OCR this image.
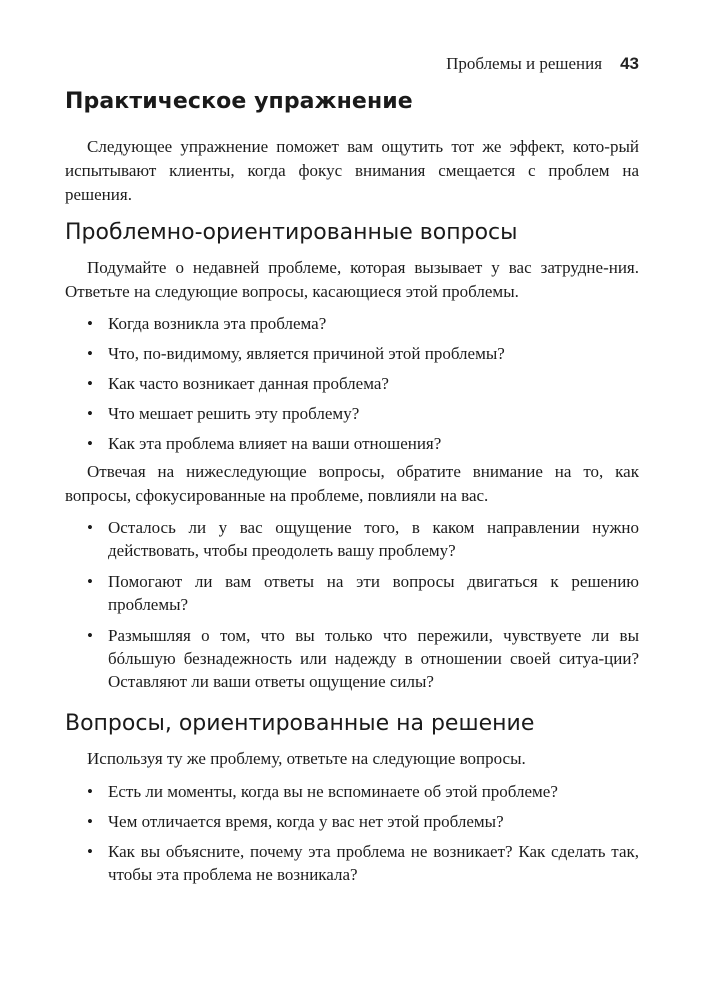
Проблемы и решения 43
Практическое упражнение

Следующее упражнение поможет вам ощутить тот же эффект, кото-рый испытывают клиенты, когда фокус внимания смещается с проблем на решения.

Проблемно-ориентированные вопросы

Подумайте о недавней проблеме, которая вызывает у вас затрудне-ния. Ответьте на следующие вопросы, касающиеся этой проблемы.

• Когда возникла эта проблема?
• Что, по-видимому, является причиной этой проблемы?
• Как часто возникает данная проблема?
• Что мешает решить эту проблему?
• Как эта проблема влияет на ваши отношения?

Отвечая на нижеследующие вопросы, обратите внимание на то, как вопросы, сфокусированные на проблеме, повлияли на вас.

• Осталось ли у вас ощущение того, в каком направлении нужно действовать, чтобы преодолеть вашу проблему?
• Помогают ли вам ответы на эти вопросы двигаться к решению проблемы?
• Размышляя о том, что вы только что пережили, чувствуете ли вы бóльшую безнадежность или надежду в отношении своей ситуа-ции? Оставляют ли ваши ответы ощущение силы?
Вопросы, ориентированные на решение

Используя ту же проблему, ответьте на следующие вопросы.

• Есть ли моменты, когда вы не вспоминаете об этой проблеме?
• Чем отличается время, когда у вас нет этой проблемы?
• Как вы объясните, почему эта проблема не возникает? Как сделать так, чтобы эта проблема не возникала?
